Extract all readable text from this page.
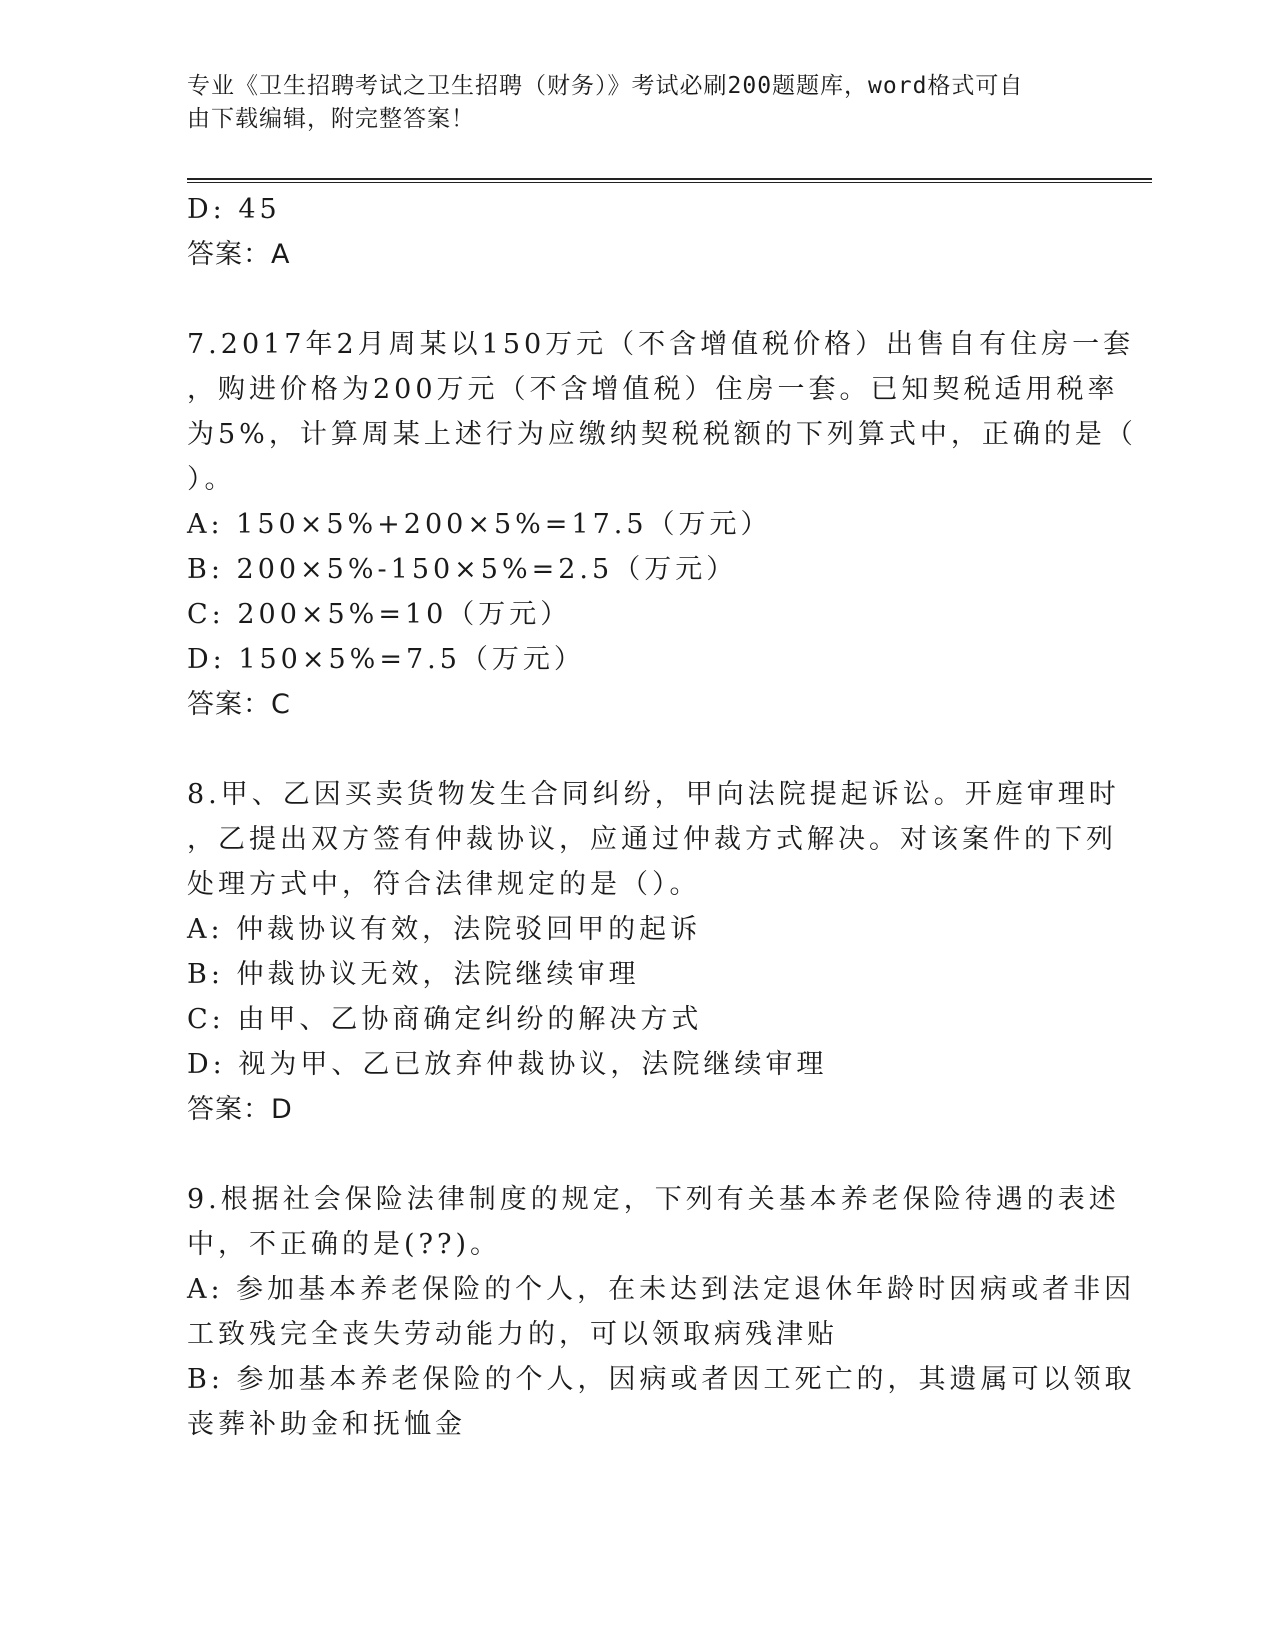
专业《卫生招聘考试之卫生招聘（财务）》考试必刷200题题库，word格式可自
由下载编辑，附完整答案！
D: 45
答案：A
7.2017年2月周某以150万元（不含增值税价格）出售自有住房一套
，购进价格为200万元（不含增值税）住房一套。已知契税适用税率
为5%，计算周某上述行为应缴纳契税税额的下列算式中，正确的是（
）。
A: 150×5%+200×5%=17.5（万元）
B: 200×5%-150×5%=2.5（万元）
C: 200×5%=10（万元）
D: 150×5%=7.5（万元）
答案：C
8.甲、乙因买卖货物发生合同纠纷，甲向法院提起诉讼。开庭审理时
，乙提出双方签有仲裁协议，应通过仲裁方式解决。对该案件的下列
处理方式中，符合法律规定的是（）。
A: 仲裁协议有效，法院驳回甲的起诉
B: 仲裁协议无效，法院继续审理
C: 由甲、乙协商确定纠纷的解决方式
D: 视为甲、乙已放弃仲裁协议，法院继续审理
答案：D
9.根据社会保险法律制度的规定，下列有关基本养老保险待遇的表述
中，不正确的是(??)。
A: 参加基本养老保险的个人，在未达到法定退休年龄时因病或者非因
工致残完全丧失劳动能力的，可以领取病残津贴
B: 参加基本养老保险的个人，因病或者因工死亡的，其遗属可以领取
丧葬补助金和抚恤金
